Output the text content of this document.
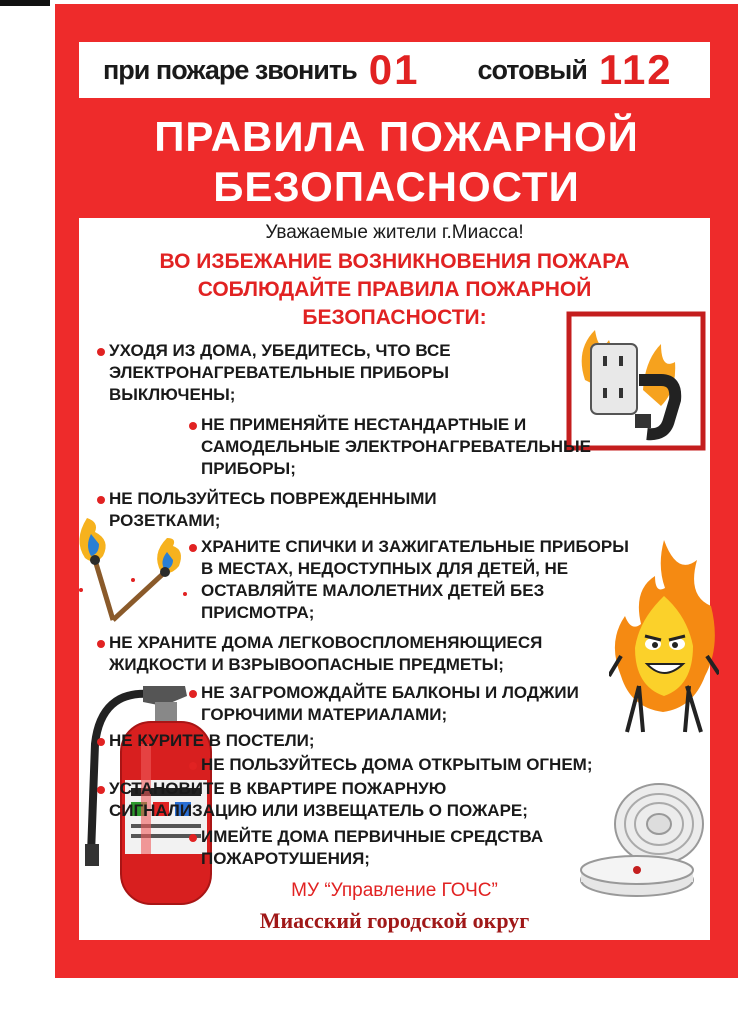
при пожаре звонить 01 сотовый 112
ПРАВИЛА ПОЖАРНОЙ
БЕЗОПАСНОСТИ
Уважаемые жители г.Миасса!
ВО ИЗБЕЖАНИЕ ВОЗНИКНОВЕНИЯ ПОЖАРА
СОБЛЮДАЙТЕ ПРАВИЛА ПОЖАРНОЙ
БЕЗОПАСНОСТИ:
УХОДЯ ИЗ ДОМА, УБЕДИТЕСЬ, ЧТО ВСЕ
ЭЛЕКТРОНАГРЕВАТЕЛЬНЫЕ ПРИБОРЫ
ВЫКЛЮЧЕНЫ;
НЕ ПРИМЕНЯЙТЕ НЕСТАНДАРТНЫЕ И
САМОДЕЛЬНЫЕ ЭЛЕКТРОНАГРЕВАТЕЛЬНЫЕ
ПРИБОРЫ;
НЕ ПОЛЬЗУЙТЕСЬ ПОВРЕЖДЕННЫМИ
РОЗЕТКАМИ;
ХРАНИТЕ СПИЧКИ И ЗАЖИГАТЕЛЬНЫЕ ПРИБОРЫ
В МЕСТАХ, НЕДОСТУПНЫХ ДЛЯ ДЕТЕЙ, НЕ
ОСТАВЛЯЙТЕ МАЛОЛЕТНИХ ДЕТЕЙ БЕЗ
ПРИСМОТРА;
НЕ ХРАНИТЕ ДОМА ЛЕГКОВОСПЛОМЕНЯЮЩИЕСЯ
ЖИДКОСТИ И ВЗРЫВООПАСНЫЕ ПРЕДМЕТЫ;
НЕ ЗАГРОМОЖДАЙТЕ БАЛКОНЫ И ЛОДЖИИ
ГОРЮЧИМИ МАТЕРИАЛАМИ;
НЕ КУРИТЕ В ПОСТЕЛИ;
НЕ ПОЛЬЗУЙТЕСЬ ДОМА ОТКРЫТЫМ ОГНЕМ;
УСТАНОВИТЕ В КВАРТИРЕ ПОЖАРНУЮ
СИГНАЛИЗАЦИЮ ИЛИ ИЗВЕЩАТЕЛЬ О ПОЖАРЕ;
ИМЕЙТЕ ДОМА ПЕРВИЧНЫЕ СРЕДСТВА
ПОЖАРОТУШЕНИЯ;
МУ “Управление ГОЧС”
Миасский городской округ
